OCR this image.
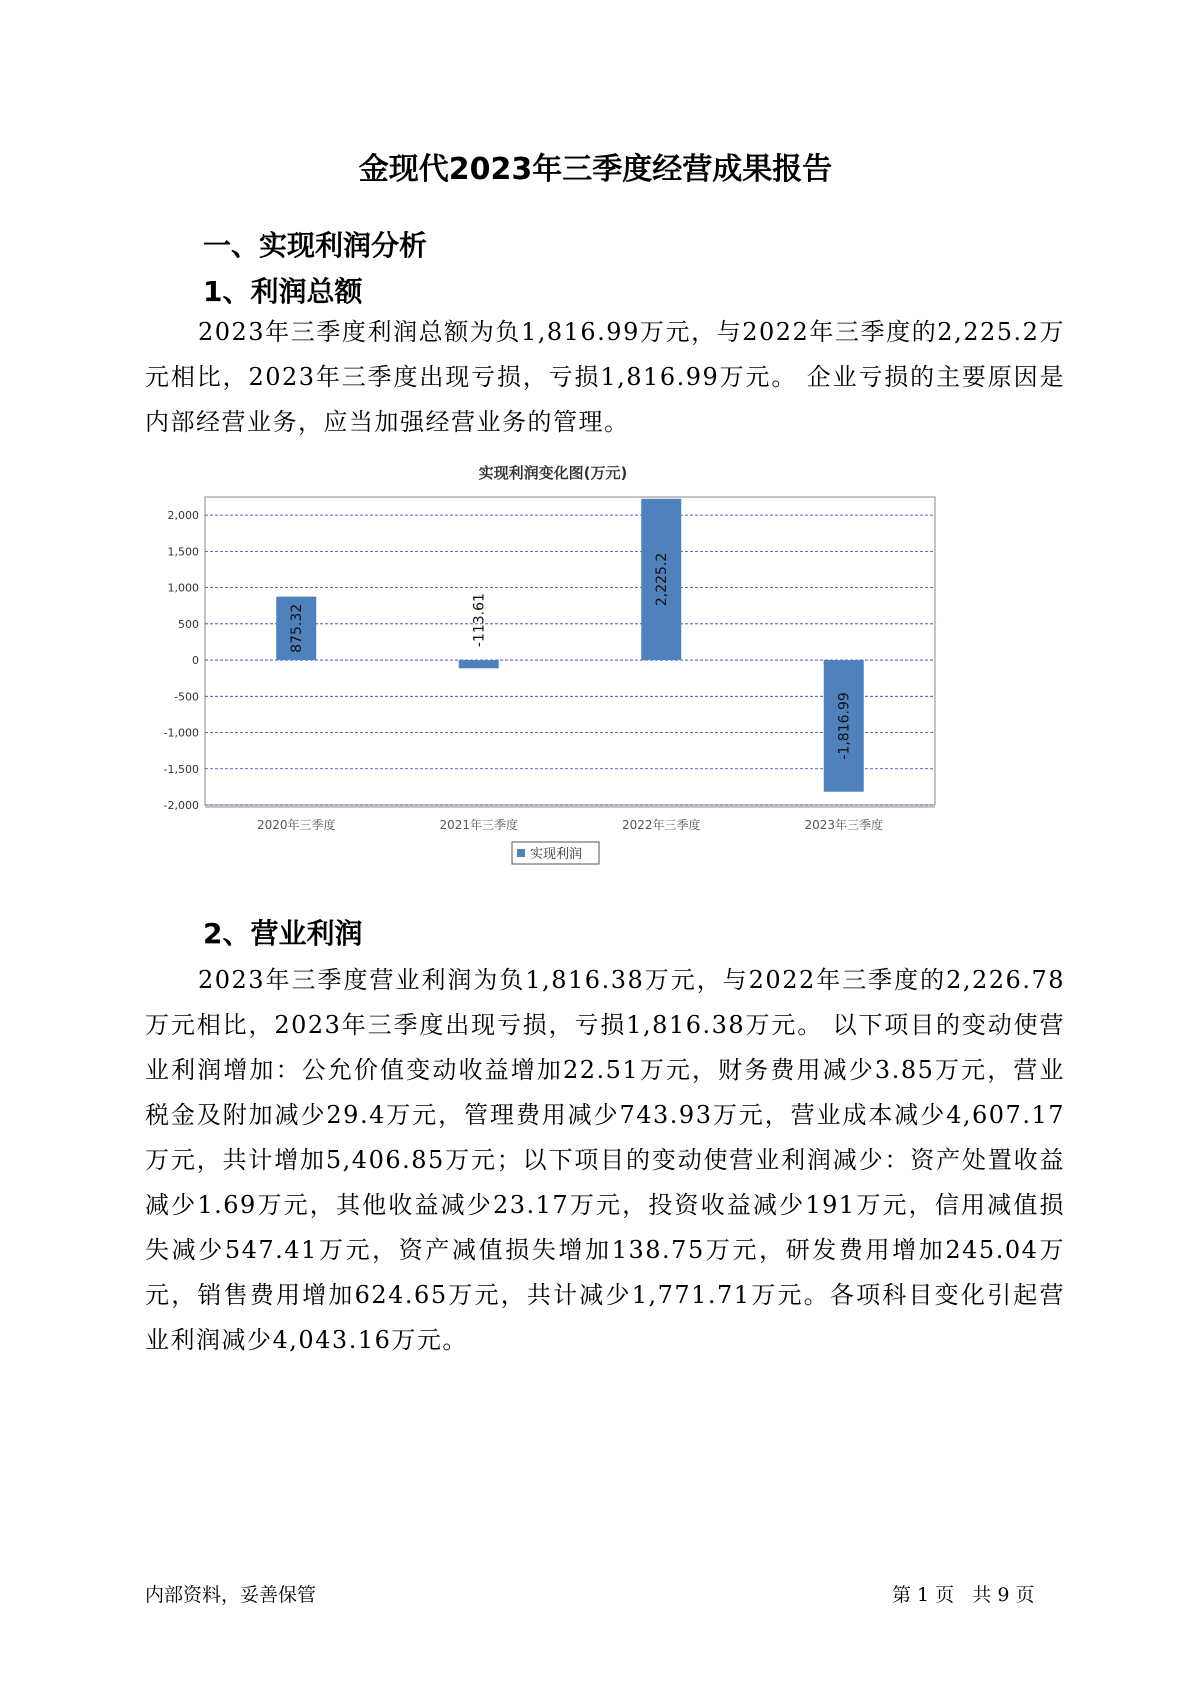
金现代2023年三季度经营成果报告
一、实现利润分析
1、利润总额
2023年三季度利润总额为负1,816.99万元，与2022年三季度的2,225.2万元相比，2023年三季度出现亏损，亏损1,816.99万元。 企业亏损的主要原因是内部经营业务，应当加强经营业务的管理。
实现利润变化图(万元)
2,000
1,500
1,000
500
0
-500
-1,000
-1,500
-2,000
875.32	-113.61
2,225.2
-1,816.99
2020年三季度	2021年三季度	2022年三季度	2023年三季度
实现利润
2、营业利润
2023年三季度营业利润为负1,816.38万元，与2022年三季度的2,226.78万元相比，2023年三季度出现亏损，亏损1,816.38万元。 以下项目的变动使营业利润增加：公允价值变动收益增加22.51万元，财务费用减少3.85万元，营业税金及附加减少29.4万元，管理费用减少743.93万元，营业成本减少4,607.17万元，共计增加5,406.85万元；以下项目的变动使营业利润减少：资产处置收益减少1.69万元，其他收益减少23.17万元，投资收益减少191万元，信用减值损失减少547.41万元，资产减值损失增加138.75万元，研发费用增加245.04万元，销售费用增加624.65万元，共计减少1,771.71万元。各项科目变化引起营业利润减少4,043.16万元。
内部资料，妥善保管	第 1 页   共 9 页
